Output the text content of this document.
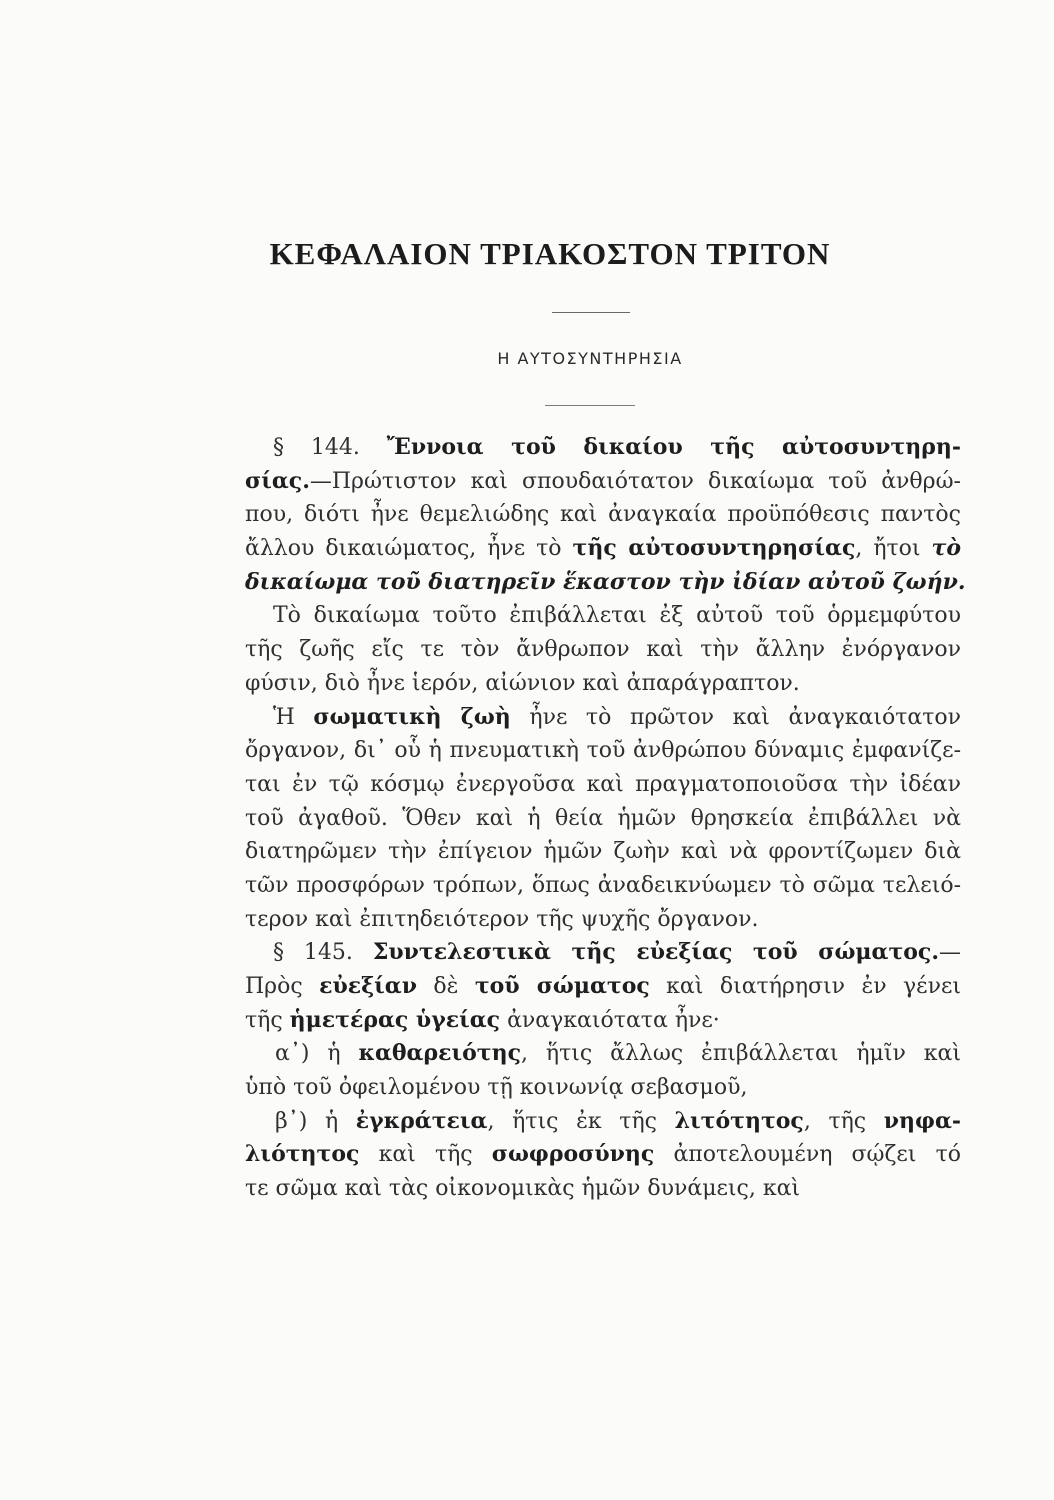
ΚΕΦΑΛΑΙΟΝ ΤΡΙΑΚΟΣΤΟΝ ΤΡΙΤΟΝ
Η ΑΥΤΟΣΥΝΤΗΡΗΣΙΑ
§ 144. Ἔννοια τοῦ δικαίου τῆς αὐτοσυντηρη-
σίας.—Πρώτιστον καὶ σπουδαιότατον δικαίωμα τοῦ ἀνθρώ-
που, διότι ἦνε θεμελιώδης καὶ ἀναγκαία προϋπόθεσις παντὸς
ἄλλου δικαιώματος, ἦνε τὸ τῆς αὐτοσυντηρησίας, ἤτοι τὸ
δικαίωμα τοῦ διατηρεῖν ἕκαστον τὴν ἰδίαν αὐτοῦ ζωήν.
Τὸ δικαίωμα τοῦτο ἐπιβάλλεται ἐξ αὐτοῦ τοῦ ὁρμεμφύτου
τῆς ζωῆς εἴς τε τὸν ἄνθρωπον καὶ τὴν ἄλλην ἐνόργανον
φύσιν, διὸ ἦνε ἱερόν, αἰώνιον καὶ ἀπαράγραπτον.
Ἡ σωματικὴ ζωὴ ἦνε τὸ πρῶτον καὶ ἀναγκαιότατον
ὄργανον, δι᾽ οὗ ἡ πνευματικὴ τοῦ ἀνθρώπου δύναμις ἐμφανίζε-
ται ἐν τῷ κόσμῳ ἐνεργοῦσα καὶ πραγματοποιοῦσα τὴν ἰδέαν
τοῦ ἀγαθοῦ. Ὅθεν καὶ ἡ θεία ἡμῶν θρησκεία ἐπιβάλλει νὰ
διατηρῶμεν τὴν ἐπίγειον ἡμῶν ζωὴν καὶ νὰ φροντίζωμεν διὰ
τῶν προσφόρων τρόπων, ὅπως ἀναδεικνύωμεν τὸ σῶμα τελειό-
τερον καὶ ἐπιτηδειότερον τῆς ψυχῆς ὄργανον.
§ 145. Συντελεστικὰ τῆς εὐεξίας τοῦ σώματος.—
Πρὸς εὐεξίαν δὲ τοῦ σώματος καὶ διατήρησιν ἐν γένει
τῆς ἡμετέρας ὑγείας ἀναγκαιότατα ἦνε·
α᾽) ἡ καθαρειότης, ἥτις ἄλλως ἐπιβάλλεται ἡμῖν καὶ
ὑπὸ τοῦ ὀφειλομένου τῇ κοινωνίᾳ σεβασμοῦ,
β᾽) ἡ ἐγκράτεια, ἥτις ἐκ τῆς λιτότητος, τῆς νηφα-
λιότητος καὶ τῆς σωφροσύνης ἀποτελουμένη σῴζει τό
τε σῶμα καὶ τὰς οἰκονομικὰς ἡμῶν δυνάμεις, καὶ
